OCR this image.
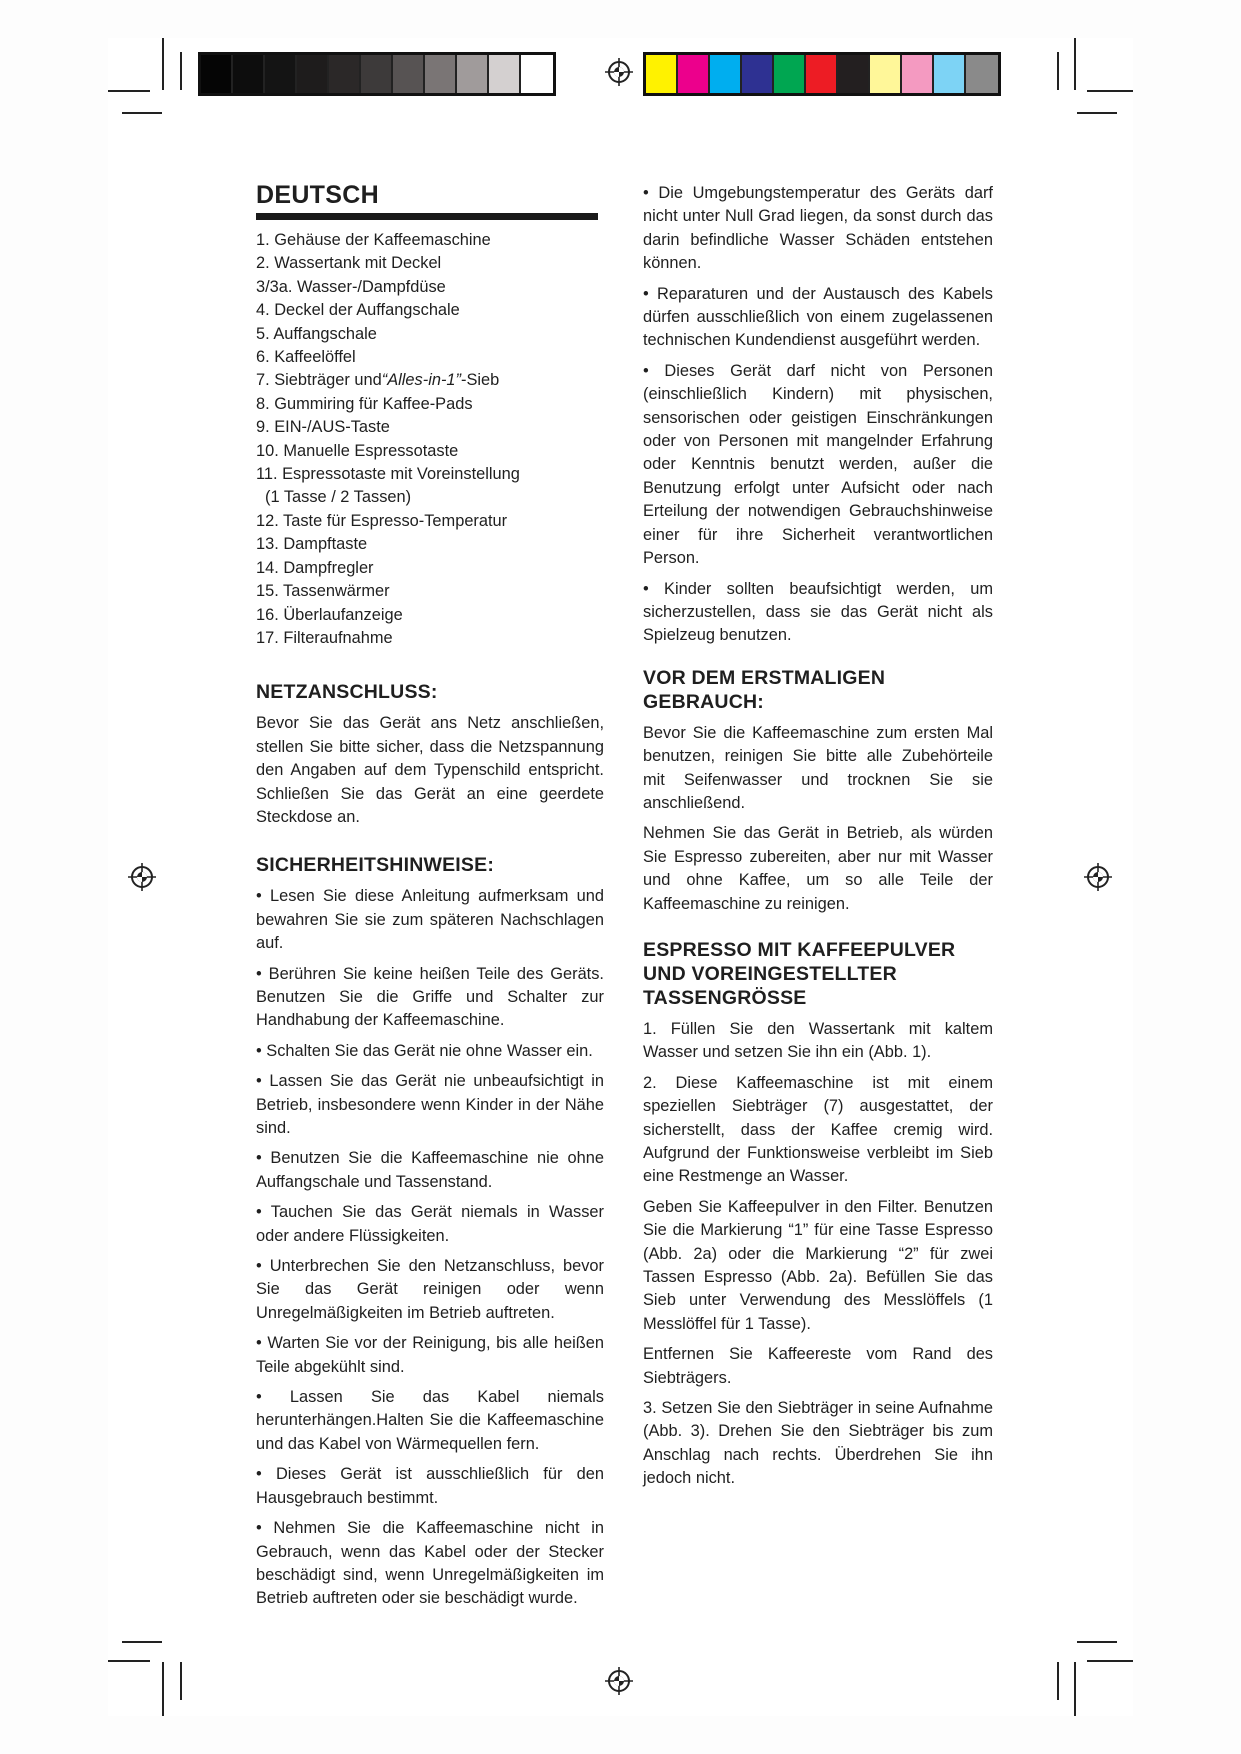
DEUTSCH
1. Gehäuse der Kaffeemaschine
2. Wassertank mit Deckel
3/3a. Wasser-/Dampfdüse
4. Deckel der Auffangschale
5. Auffangschale
6. Kaffeelöffel
7. Siebträger und“Alles-in-1”-Sieb
8. Gummiring für Kaffee-Pads
9. EIN-/AUS-Taste
10. Manuelle Espressotaste
11. Espressotaste mit Voreinstellung
(1 Tasse / 2 Tassen)
12. Taste für Espresso-Temperatur
13. Dampftaste
14. Dampfregler
15. Tassenwärmer
16. Überlaufanzeige
17. Filteraufnahme
NETZANSCHLUSS:

Bevor Sie das Gerät ans Netz anschließen, stellen Sie bitte sicher, dass die Netzspannung den Angaben auf dem Typenschild entspricht. Schließen Sie das Gerät an eine geerdete Steckdose an.

SICHERHEITSHINWEISE:

• Lesen Sie diese Anleitung aufmerksam und bewahren Sie sie zum späteren Nachschlagen auf.

• Berühren Sie keine heißen Teile des Geräts. Benutzen Sie die Griffe und Schalter zur Handhabung der Kaffeemaschine.

• Schalten Sie das Gerät nie ohne Wasser ein.

• Lassen Sie das Gerät nie unbeaufsichtigt in Betrieb, insbesondere wenn Kinder in der Nähe sind.

• Benutzen Sie die Kaffeemaschine nie ohne Auffangschale und Tassenstand.

• Tauchen Sie das Gerät niemals in Wasser oder andere Flüssigkeiten.

• Unterbrechen Sie den Netzanschluss, bevor Sie das Gerät reinigen oder wenn Unregelmäßigkeiten im Betrieb auftreten.

• Warten Sie vor der Reinigung, bis alle heißen Teile abgekühlt sind.

• Lassen Sie das Kabel niemals herunterhängen.Halten Sie die Kaffeemaschine und das Kabel von Wärmequellen fern.

• Dieses Gerät ist ausschließlich für den Hausgebrauch bestimmt.

• Nehmen Sie die Kaffeemaschine nicht in Gebrauch, wenn das Kabel oder der Stecker beschädigt sind, wenn Unregelmäßigkeiten im Betrieb auftreten oder sie beschädigt wurde.

• Die Umgebungstemperatur des Geräts darf nicht unter Null Grad liegen, da sonst durch das darin befindliche Wasser Schäden entstehen können.

• Reparaturen und der Austausch des Kabels dürfen ausschließlich von einem zugelassenen technischen Kundendienst ausgeführt werden.

• Dieses Gerät darf nicht von Personen (einschließlich Kindern) mit physischen, sensorischen oder geistigen Einschränkungen oder von Personen mit mangelnder Erfahrung oder Kenntnis benutzt werden, außer die Benutzung erfolgt unter Aufsicht oder nach Erteilung der notwendigen Gebrauchshinweise einer für ihre Sicherheit verantwortlichen Person.

• Kinder sollten beaufsichtigt werden, um sicherzustellen, dass sie das Gerät nicht als Spielzeug benutzen.

VOR DEM ERSTMALIGEN GEBRAUCH:

Bevor Sie die Kaffeemaschine zum ersten Mal benutzen, reinigen Sie bitte alle Zubehörteile mit Seifenwasser und trocknen Sie sie anschließend.

Nehmen Sie das Gerät in Betrieb, als würden Sie Espresso zubereiten, aber nur mit Wasser und ohne Kaffee, um so alle Teile der Kaffeemaschine zu reinigen.

ESPRESSO MIT KAFFEEPULVER UND VOREINGESTELLTER TASSENGRÖSSE

1. Füllen Sie den Wassertank mit kaltem Wasser und setzen Sie ihn ein (Abb. 1).

2. Diese Kaffeemaschine ist mit einem speziellen Siebträger (7) ausgestattet, der sicherstellt, dass der Kaffee cremig wird. Aufgrund der Funktionsweise verbleibt im Sieb eine Restmenge an Wasser.

Geben Sie Kaffeepulver in den Filter. Benutzen Sie die Markierung “1” für eine Tasse Espresso (Abb. 2a) oder die Markierung “2” für zwei Tassen Espresso (Abb. 2a). Befüllen Sie das Sieb unter Verwendung des Messlöffels (1 Messlöffel für 1 Tasse).

Entfernen Sie Kaffeereste vom Rand des Siebträgers.

3. Setzen Sie den Siebträger in seine Aufnahme (Abb. 3). Drehen Sie den Siebträger bis zum Anschlag nach rechts. Überdrehen Sie ihn jedoch nicht.
